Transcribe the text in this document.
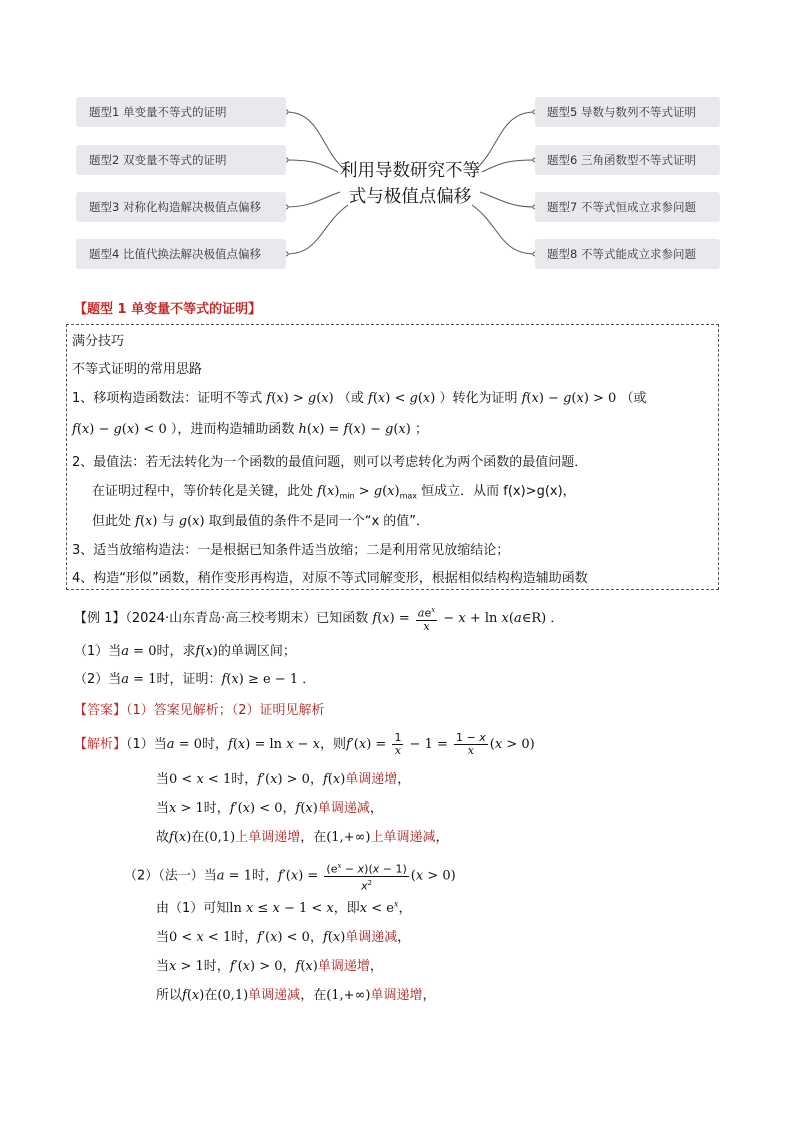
题型1 单变量不等式的证明
题型2 双变量不等式的证明
题型3 对称化构造解决极值点偏移
题型4 比值代换法解决极值点偏移
题型5 导数与数列不等式证明
题型6 三角函数型不等式证明
题型7 不等式恒成立求参问题
题型8 不等式能成立求参问题
利用导数研究不等
式与极值点偏移
【题型 1 单变量不等式的证明】
满分技巧
不等式证明的常用思路
1、移项构造函数法：证明不等式 f(x) > g(x) （或 f(x) < g(x) ）转化为证明 f(x) − g(x) > 0 （或
f(x) − g(x) < 0 ），进而构造辅助函数 h(x) = f(x) − g(x) ；
2、最值法：若无法转化为一个函数的最值问题，则可以考虑转化为两个函数的最值问题．
在证明过程中，等价转化是关键，此处 $f(x)_{min} > g(x)_{max}$ 恒成立．从而 f(x)>g(x)，
但此处 f(x) 与 g(x) 取到最值的条件不是同一个“x 的值”．
3、适当放缩构造法：一是根据已知条件适当放缩；二是利用常见放缩结论；
4、构造“形似”函数，稍作变形再构造，对原不等式同解变形，根据相似结构构造辅助函数
【例 1】（2024·山东青岛·高三校考期末）已知函数 $f(x) = \frac{ae^x}{x} - x + \ln$ x(a∈R) ．
（1）当a = 0时，求f(x)的单调区间；
（2）当a = 1时，证明：f(x) ≥ e − 1 ．
【答案】（1）答案见解析；（2）证明见解析
【解析】（1）当a = 0时，f(x) = ln x − x，则$f'(x) = \frac{1}{x} - 1 = \frac{1 - x}{x} (x > 0)$
当0 < x < 1时，f′(x) > 0，f(x)单调递增，
当x > 1时，f′(x) < 0，f(x)单调递减，
故f(x)在(0,1)上单调递增，在(1,+∞)上单调递减，
（2）（法一）当a = 1时，$f'(x) = \frac{(e^x - x)(x - 1)}{x^2} (x > 0)$
由（1）可知ln x ≤ x − 1 < x，即$x < e^x$，
当0 < x < 1时，f′(x) < 0，f(x)单调递减，
当x > 1时，f′(x) > 0，f(x)单调递增，
所以f(x)在(0,1)单调递减，在(1,+∞)单调递增，
